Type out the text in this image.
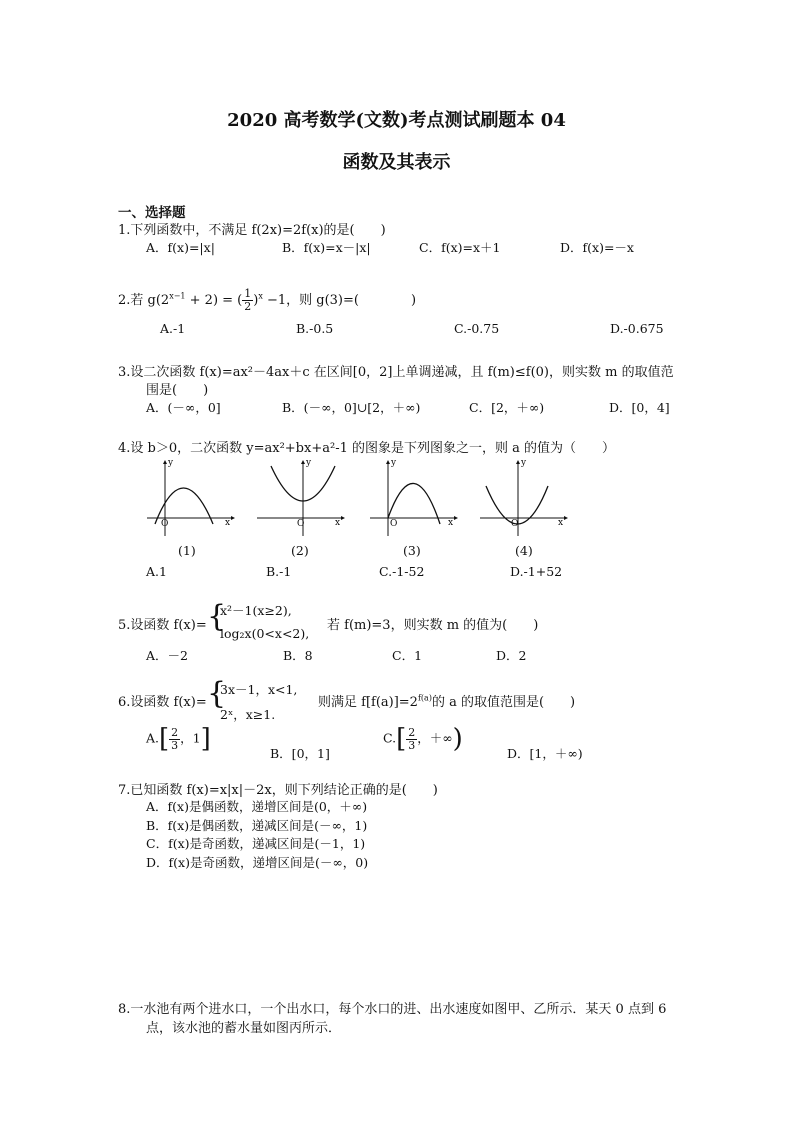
2020 高考数学(文数)考点测试刷题本 04
函数及其表示
一、选择题
1.下列函数中，不满足 f(2x)=2f(x)的是(　　)
A．f(x)=|x|	B．f(x)=x－|x|	C．f(x)=x＋1	D．f(x)=－x
2.若 $g(2^{x-1} + 2)$ = ( $\frac{1}{2} )^x -1$，则 g(3)=(　　　　)
A.-1	B.-0.5	C.-0.75	D.-0.675
3.设二次函数 f(x)=ax²－4ax＋c 在区间[0，2]上单调递减，且 f(m)≤f(0)，则实数 m 的取值范
围是(　　)
A．(－∞，0]	B．(－∞，0]∪[2，＋∞)	C．[2，＋∞)	D．[0，4]
4.设 b＞0，二次函数 y=ax²+bx+a²-1 的图象是下列图象之一，则 a 的值为（　　）
y
x
O
(1)
y
x
O
(2)
y
x
O
(3)
y
x
O
(4)
A.1	B.-1	C.-1-52	D.-1+52
5.设函数 f(x)= {
x²－1(x≥2),
log₂x(0<x<2),
若 f(m)=3，则实数 m 的值为(　　)
A．－2	B．8	C．1	D．2
6.设函数 f(x)= {
3x－1，x<1,
2ˣ，x≥1.
则满足 $f[f(a)]=2^{f(a)}$的 a 的取值范围是(　　)
$A.[ \frac{2}{3}$ ，1]	B．[0，1]
$C.[ \frac{2}{3}$ ，＋∞)	D．[1，＋∞)
7.已知函数 f(x)=x|x|－2x，则下列结论正确的是(　　)
A．f(x)是偶函数，递增区间是(0，＋∞)
B．f(x)是偶函数，递减区间是(－∞，1)
C．f(x)是奇函数，递减区间是(－1，1)
D．f(x)是奇函数，递增区间是(－∞，0)
8.一水池有两个进水口，一个出水口，每个水口的进、出水速度如图甲、乙所示．某天 0 点到 6
点，该水池的蓄水量如图丙所示．
